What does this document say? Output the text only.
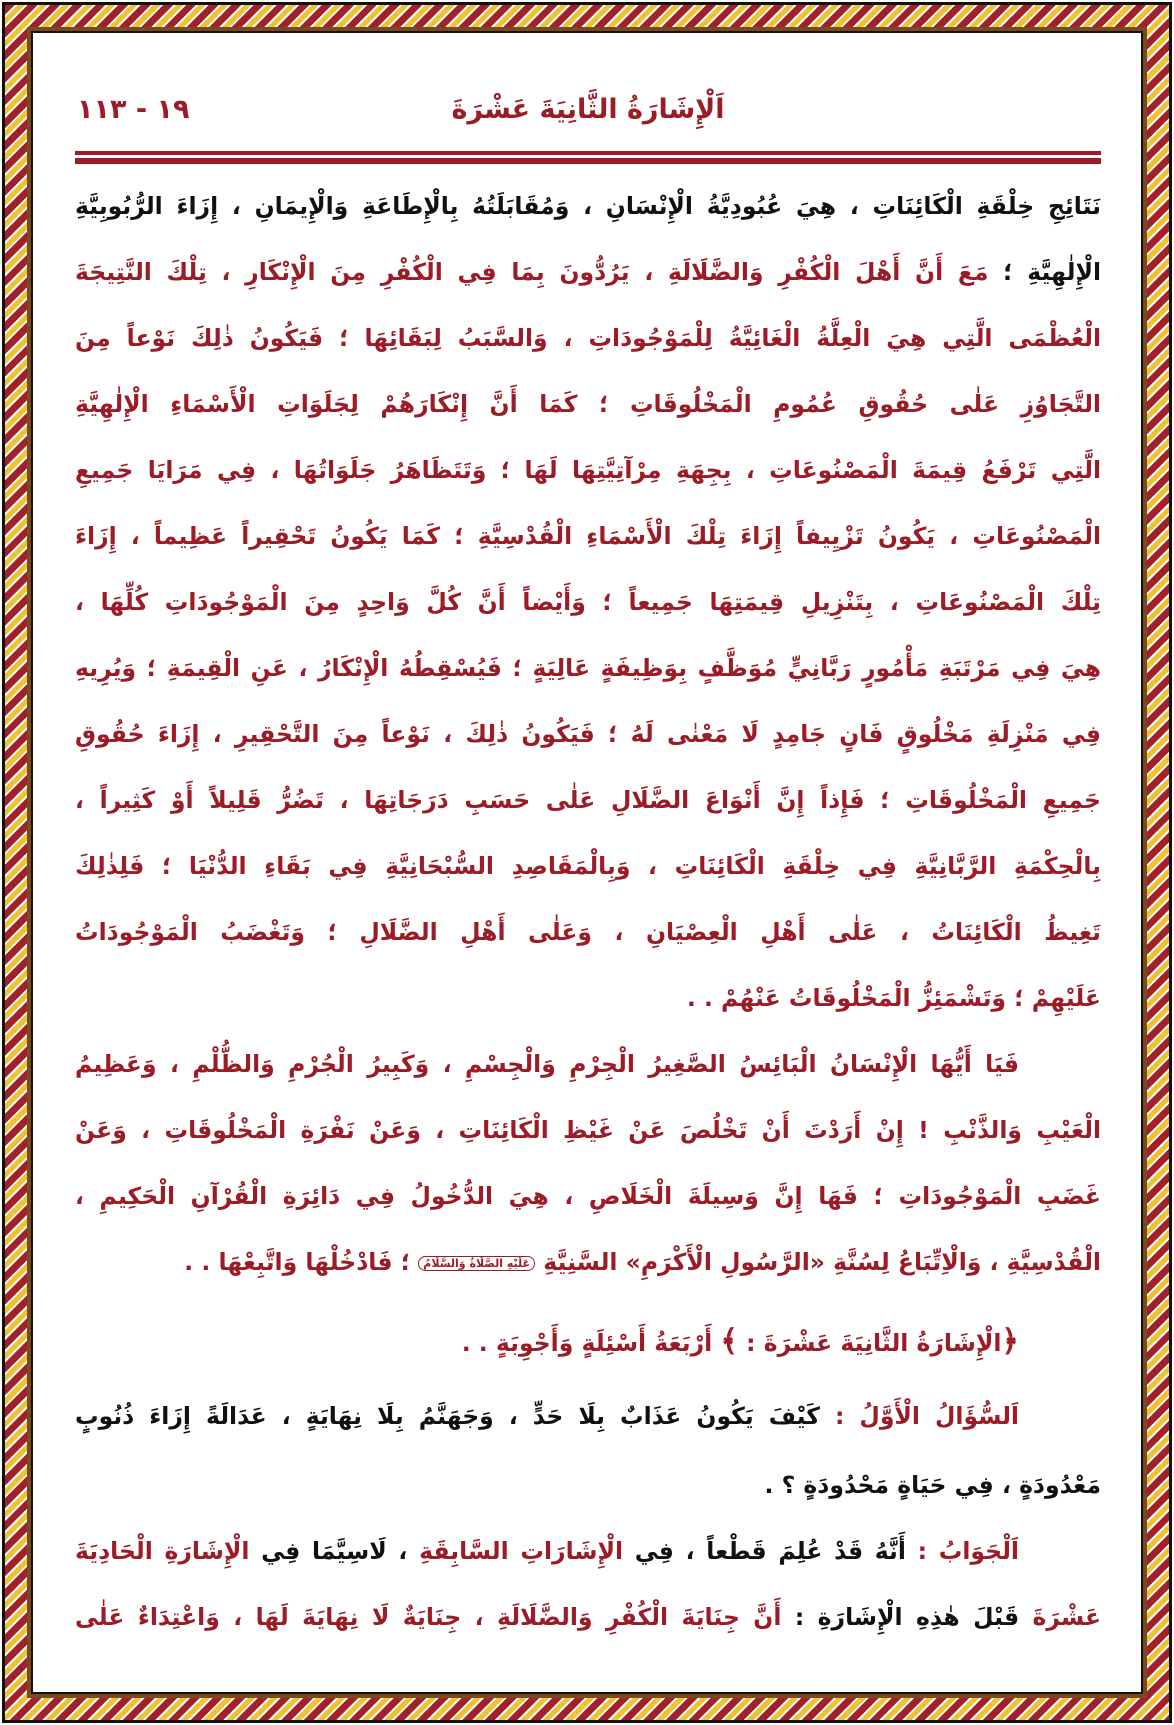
اَلْإِشَارَةُ الثَّانِيَةَ عَشْرَةَ
١٩ - ١١٣
نَتَائِجِ خِلْقَةِ الْكَائِنَاتِ ، هِيَ عُبُودِيَّةُ الْإِنْسَانِ ، وَمُقَابَلَتُهُ بِالْإِطَاعَةِ وَالْإِيمَانِ ، إِزَاءَ الرُّبُوبِيَّةِ
الْإِلٰهِيَّةِ ؛ مَعَ أَنَّ أَهْلَ الْكُفْرِ وَالضَّلَالَةِ ، يَرُدُّونَ بِمَا فِي الْكُفْرِ مِنَ الْإِنْكَارِ ، تِلْكَ النَّتِيجَةَ
الْعُظْمَى الَّتِي هِيَ الْعِلَّةُ الْغَائِيَّةُ لِلْمَوْجُودَاتِ ، وَالسَّبَبُ لِبَقَائِهَا ؛ فَيَكُونُ ذٰلِكَ نَوْعاً مِنَ
التَّجَاوُزِ عَلٰى حُقُوقِ عُمُومِ الْمَخْلُوقَاتِ ؛ كَمَا أَنَّ إِنْكَارَهُمْ لِجَلَوَاتِ الْأَسْمَاءِ الْإِلٰهِيَّةِ
الَّتِي تَرْفَعُ قِيمَةَ الْمَصْنُوعَاتِ ، بِجِهَةِ مِرْآتِيَّتِهَا لَهَا ؛ وَتَتَظَاهَرُ جَلَوَاتُهَا ، فِي مَرَايَا جَمِيعِ
الْمَصْنُوعَاتِ ، يَكُونُ تَزْيِيفاً إِزَاءَ تِلْكَ الْأَسْمَاءِ الْقُدْسِيَّةِ ؛ كَمَا يَكُونُ تَحْقِيراً عَظِيماً ، إِزَاءَ
تِلْكَ الْمَصْنُوعَاتِ ، بِتَنْزِيلِ قِيمَتِهَا جَمِيعاً ؛ وَأَيْضاً أَنَّ كُلَّ وَاحِدٍ مِنَ الْمَوْجُودَاتِ كُلِّهَا ،
هِيَ فِي مَرْتَبَةِ مَأْمُورٍ رَبَّانِيٍّ مُوَظَّفٍ بِوَظِيفَةٍ عَالِيَةٍ ؛ فَيُسْقِطُهُ الْإِنْكَارُ ، عَنِ الْقِيمَةِ ؛ وَيُرِيهِ
فِي مَنْزِلَةِ مَخْلُوقٍ فَانٍ جَامِدٍ لَا مَعْنٰى لَهُ ؛ فَيَكُونُ ذٰلِكَ ، نَوْعاً مِنَ التَّحْقِيرِ ، إِزَاءَ حُقُوقِ
جَمِيعِ الْمَخْلُوقَاتِ ؛ فَإِذاً إِنَّ أَنْوَاعَ الضَّلَالِ عَلٰى حَسَبِ دَرَجَاتِهَا ، تَضُرُّ قَلِيلاً أَوْ كَثِيراً ،
بِالْحِكْمَةِ الرَّبَّانِيَّةِ فِي خِلْقَةِ الْكَائِنَاتِ ، وَبِالْمَقَاصِدِ السُّبْحَانِيَّةِ فِي بَقَاءِ الدُّنْيَا ؛ فَلِذٰلِكَ
تَغِيظُ الْكَائِنَاتُ ، عَلٰى أَهْلِ الْعِصْيَانِ ، وَعَلٰى أَهْلِ الضَّلَالِ ؛ وَتَغْضَبُ الْمَوْجُودَاتُ
عَلَيْهِمْ ؛ وَتَشْمَئِزُّ الْمَخْلُوقَاتُ عَنْهُمْ . .
فَيَا أَيُّهَا الْإِنْسَانُ الْبَائِسُ الصَّغِيرُ الْجِرْمِ وَالْجِسْمِ ، وَكَبِيرُ الْجُرْمِ وَالظُّلْمِ ، وَعَظِيمُ
الْعَيْبِ وَالذَّنْبِ ! إِنْ أَرَدْتَ أَنْ تَخْلُصَ عَنْ غَيْظِ الْكَائِنَاتِ ، وَعَنْ نَفْرَةِ الْمَخْلُوقَاتِ ، وَعَنْ
غَضَبِ الْمَوْجُودَاتِ ؛ فَهَا إِنَّ وَسِيلَةَ الْخَلَاصِ ، هِيَ الدُّخُولُ فِي دَائِرَةِ الْقُرْآنِ الْحَكِيمِ ،
الْقُدْسِيَّةِ ، وَالْاِتِّبَاعُ لِسُنَّةِ «الرَّسُولِ الْأَكْرَمِ» السَّنِيَّةِ عَلَيْهِ الصَّلَاةُ وَالسَّلَامُ ؛ فَادْخُلْهَا وَاتَّبِعْهَا . .
﴿الْإِشَارَةُ الثَّانِيَةَ عَشْرَةَ : ﴾ أَرْبَعَةُ أَسْئِلَةٍ وَأَجْوِبَةٍ . .
اَلسُّؤَالُ الْأَوَّلُ : كَيْفَ يَكُونُ عَذَابٌ بِلَا حَدٍّ ، وَجَهَنَّمُ بِلَا نِهَايَةٍ ، عَدَالَةً إِزَاءَ ذُنُوبٍ
مَعْدُودَةٍ ، فِي حَيَاةٍ مَحْدُودَةٍ ؟ .
اَلْجَوَابُ : أَنَّهُ قَدْ عُلِمَ قَطْعاً ، فِي الْإِشَارَاتِ السَّابِقَةِ ، لَاسِيَّمَا فِي الْإِشَارَةِ الْحَادِيَةَ
عَشْرَةَ قَبْلَ هٰذِهِ الْإِشَارَةِ : أَنَّ جِنَايَةَ الْكُفْرِ وَالضَّلَالَةِ ، جِنَايَةٌ لَا نِهَايَةَ لَهَا ، وَاعْتِدَاءٌ عَلٰى
